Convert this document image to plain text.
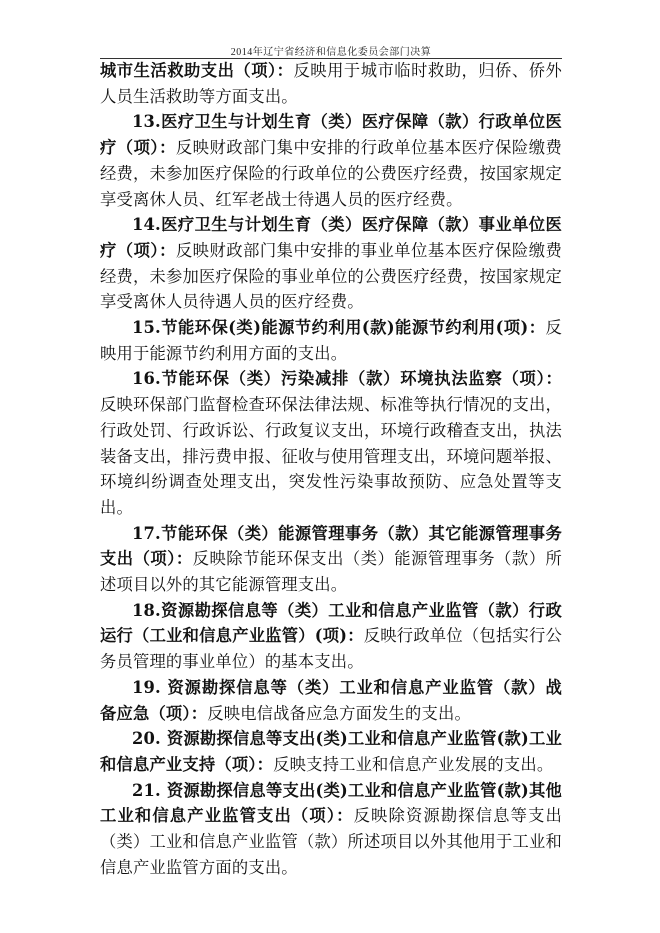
2014年辽宁省经济和信息化委员会部门决算

城市生活救助支出（项）：反映用于城市临时救助，归侨、侨外人员生活救助等方面支出。

13.医疗卫生与计划生育（类）医疗保障（款）行政单位医疗（项）：反映财政部门集中安排的行政单位基本医疗保险缴费经费，未参加医疗保险的行政单位的公费医疗经费，按国家规定享受离休人员、红军老战士待遇人员的医疗经费。

14.医疗卫生与计划生育（类）医疗保障（款）事业单位医疗（项）：反映财政部门集中安排的事业单位基本医疗保险缴费经费，未参加医疗保险的事业单位的公费医疗经费，按国家规定享受离休人员待遇人员的医疗经费。

15.节能环保(类)能源节约利用(款)能源节约利用(项)：反映用于能源节约利用方面的支出。

16.节能环保（类）污染减排（款）环境执法监察（项）：反映环保部门监督检查环保法律法规、标准等执行情况的支出，行政处罚、行政诉讼、行政复议支出，环境行政稽查支出，执法装备支出，排污费申报、征收与使用管理支出，环境问题举报、环境纠纷调查处理支出，突发性污染事故预防、应急处置等支出。

17.节能环保（类）能源管理事务（款）其它能源管理事务支出（项）：反映除节能环保支出（类）能源管理事务（款）所述项目以外的其它能源管理支出。

18.资源勘探信息等（类）工业和信息产业监管（款）行政运行（工业和信息产业监管）(项)：反映行政单位（包括实行公务员管理的事业单位）的基本支出。

19. 资源勘探信息等（类）工业和信息产业监管（款）战备应急（项）：反映电信战备应急方面发生的支出。

20. 资源勘探信息等支出(类)工业和信息产业监管(款)工业和信息产业支持（项）：反映支持工业和信息产业发展的支出。

21. 资源勘探信息等支出(类)工业和信息产业监管(款)其他工业和信息产业监管支出（项）：反映除资源勘探信息等支出（类）工业和信息产业监管（款）所述项目以外其他用于工业和信息产业监管方面的支出。
